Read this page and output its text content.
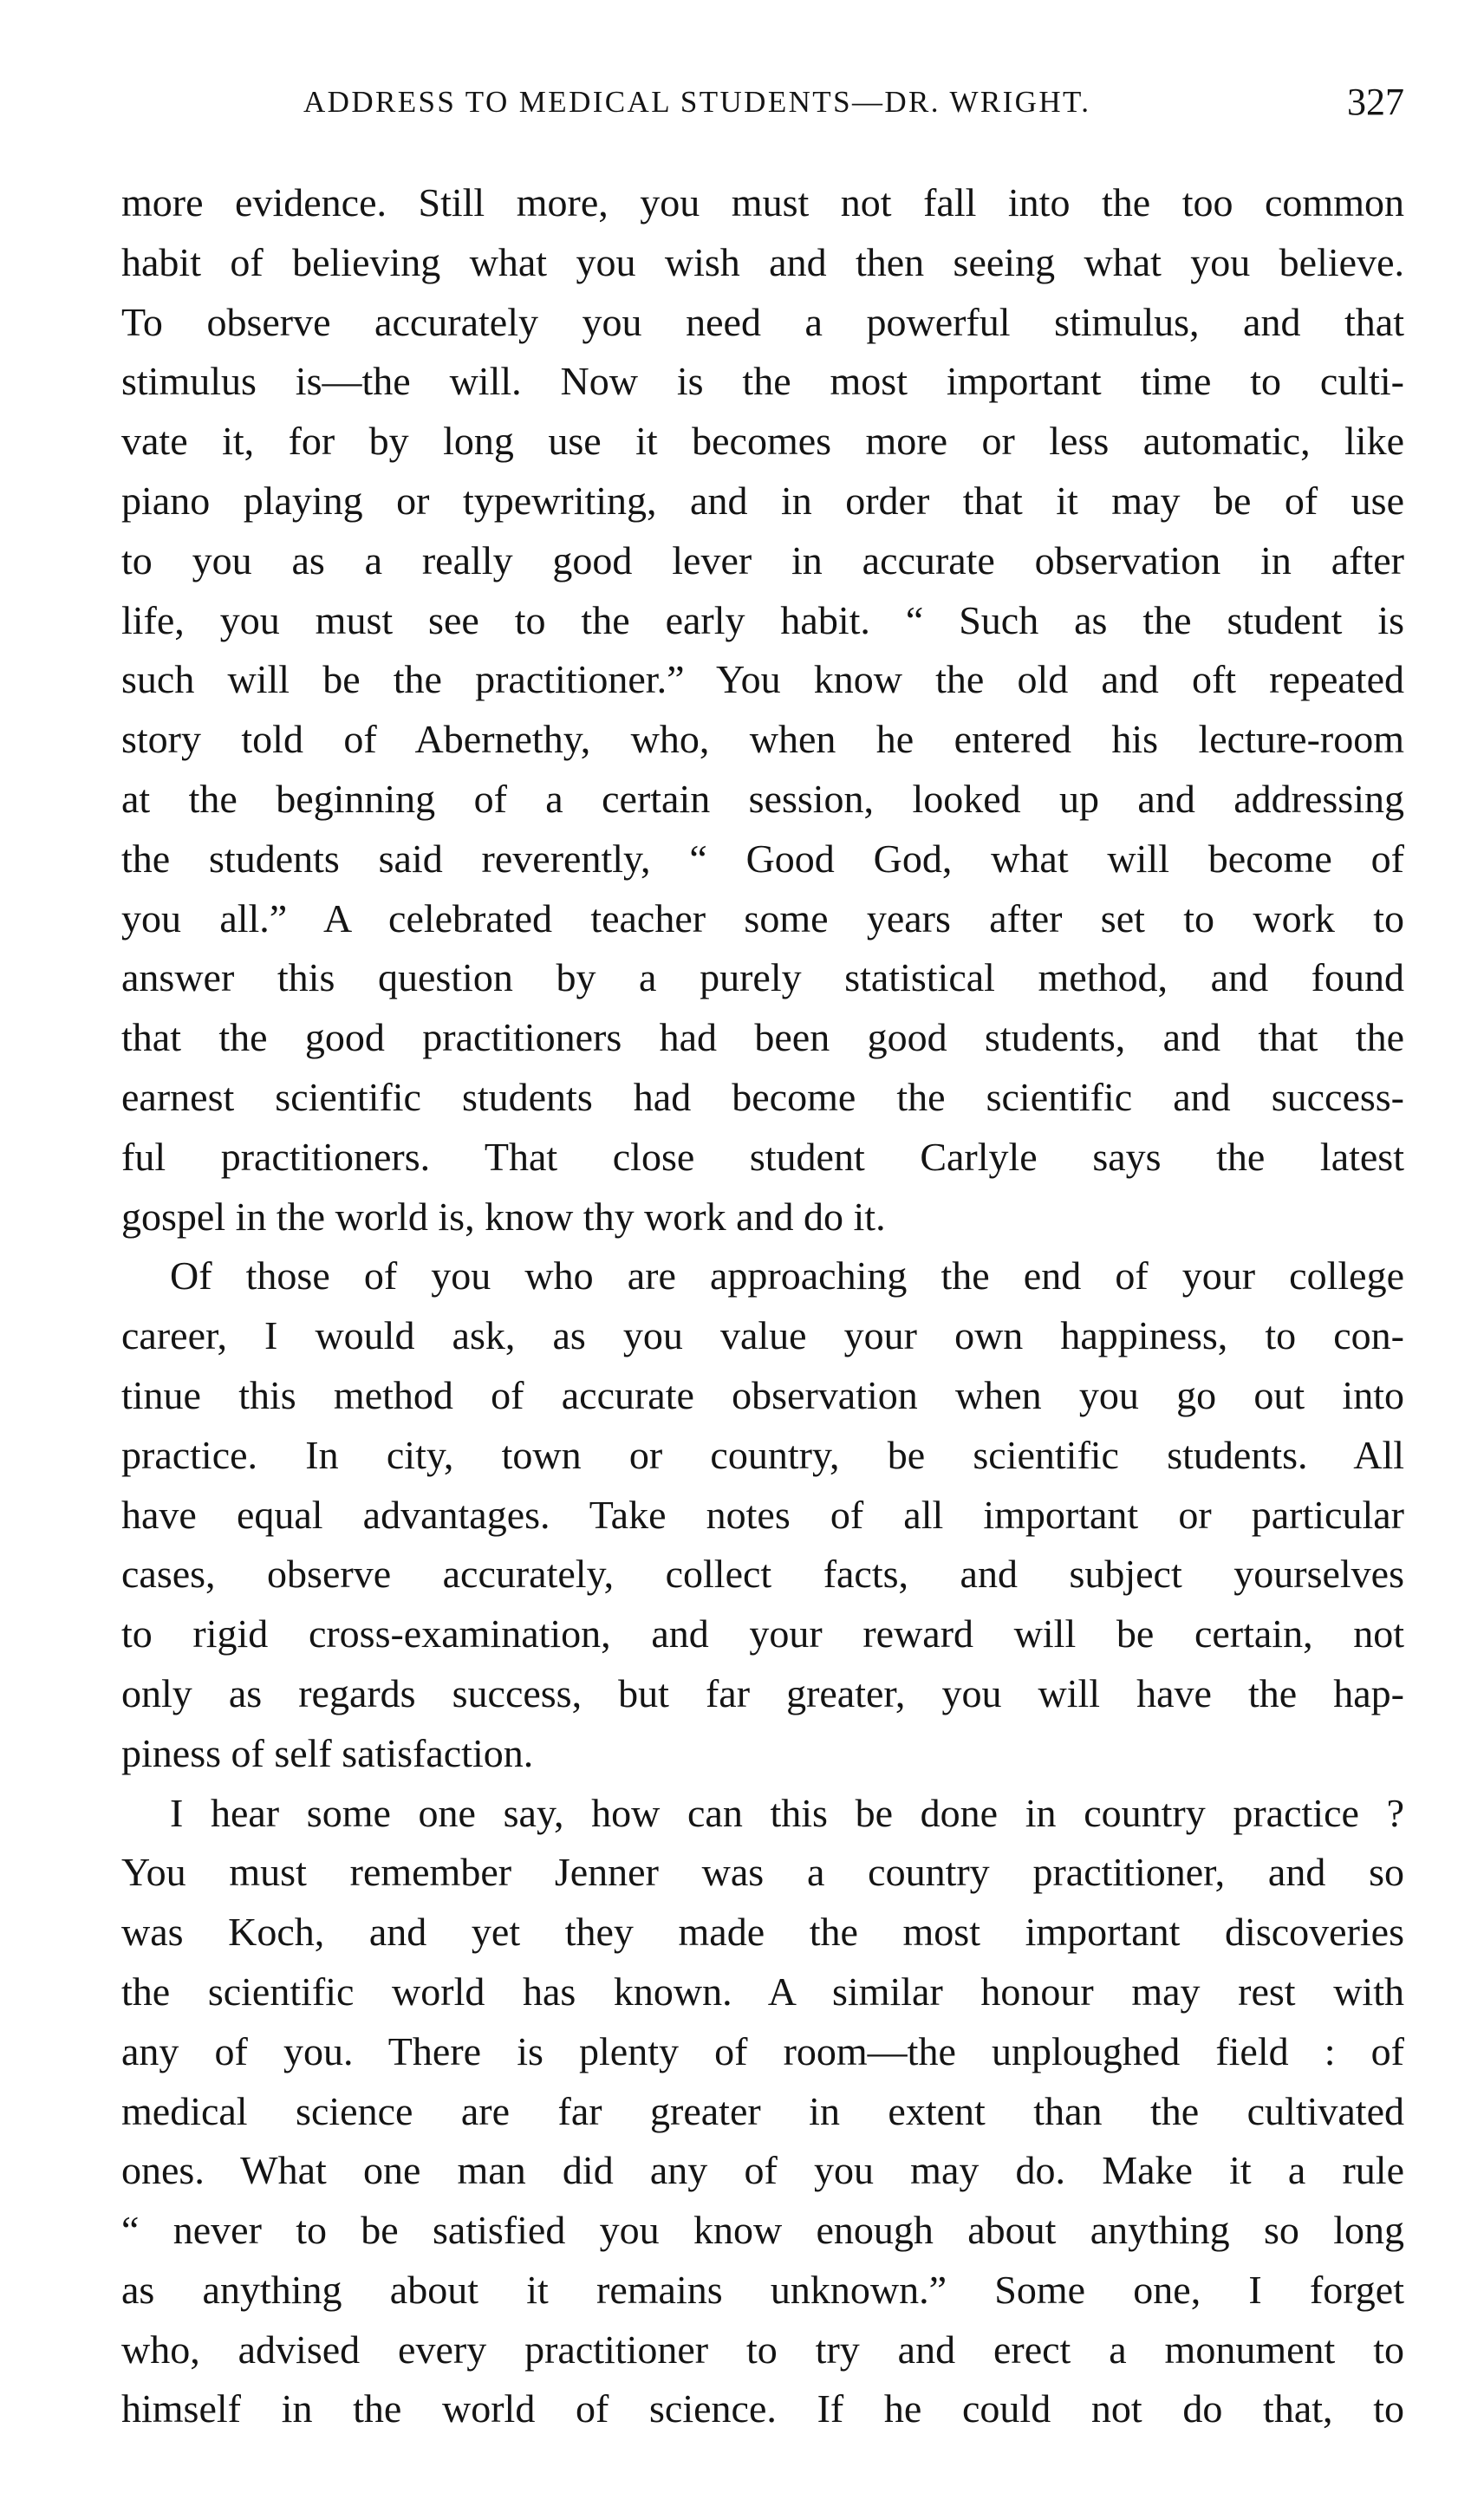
ADDRESS TO MEDICAL STUDENTS—DR. WRIGHT.	327
more evidence. Still more, you must not fall into the too common
habit of believing what you wish and then seeing what you believe.
To observe accurately you need a powerful stimulus, and that
stimulus is—the will. Now is the most important time to culti-
vate it, for by long use it becomes more or less automatic, like
piano playing or typewriting, and in order that it may be of use
to you as a really good lever in accurate observation in after
life, you must see to the early habit. “ Such as the student is
such will be the practitioner.” You know the old and oft repeated
story told of Abernethy, who, when he entered his lecture-room
at the beginning of a certain session, looked up and addressing
the students said reverently, “ Good God, what will become of
you all.” A celebrated teacher some years after set to work to
answer this question by a purely statistical method, and found
that the good practitioners had been good students, and that the
earnest scientific students had become the scientific and success-
ful practitioners. That close student Carlyle says the latest
gospel in the world is, know thy work and do it.
Of those of you who are approaching the end of your college
career, I would ask, as you value your own happiness, to con-
tinue this method of accurate observation when you go out into
practice. In city, town or country, be scientific students. All
have equal advantages. Take notes of all important or particular
cases, observe accurately, collect facts, and subject yourselves
to rigid cross-examination, and your reward will be certain, not
only as regards success, but far greater, you will have the hap-
piness of self satisfaction.
I hear some one say, how can this be done in country practice ?
You must remember Jenner was a country practitioner, and so
was Koch, and yet they made the most important discoveries
the scientific world has known. A similar honour may rest with
any of you. There is plenty of room—the unploughed field : of
medical science are far greater in extent than the cultivated
ones. What one man did any of you may do. Make it a rule
“ never to be satisfied you know enough about anything so long
as anything about it remains unknown.” Some one, I forget
who, advised every practitioner to try and erect a monument to
himself in the world of science. If he could not do that, to
